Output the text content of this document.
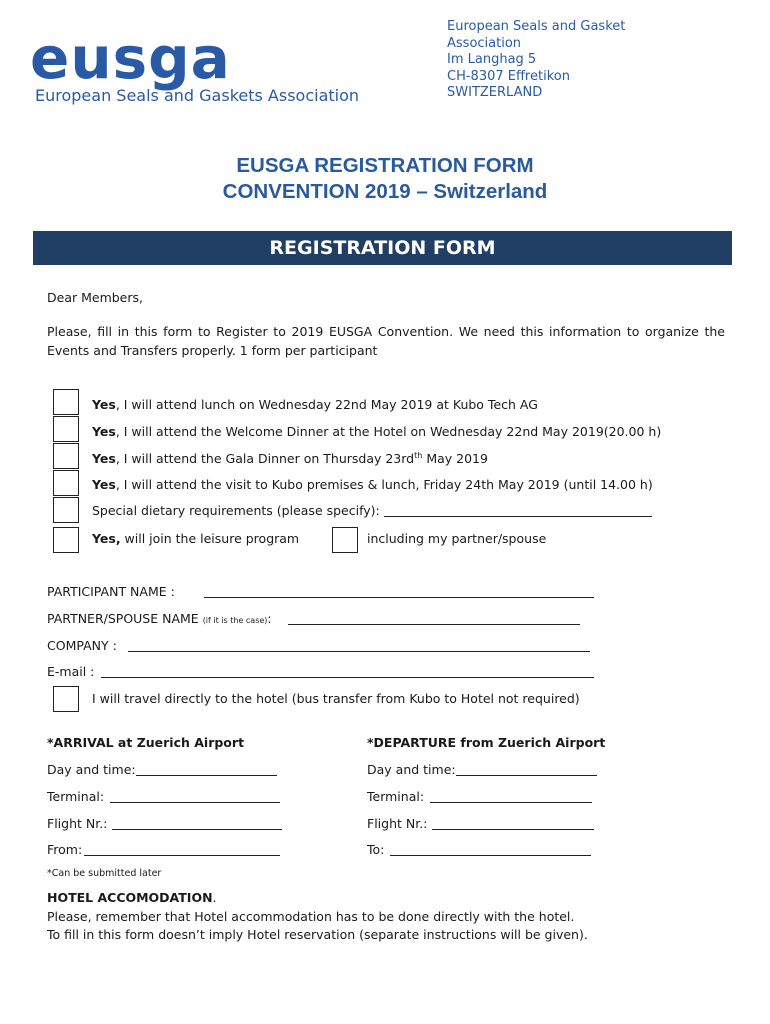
eusga
European Seals and Gaskets Association
European Seals and Gasket
Association
Im Langhag 5
CH-8307 Effretikon
SWITZERLAND
EUSGA REGISTRATION FORM
CONVENTION 2019 – Switzerland
REGISTRATION FORM
Dear Members,
Please, fill in this form to Register to 2019 EUSGA Convention. We need this information to organize the Events and Transfers properly. 1 form per participant
Yes, I will attend lunch on Wednesday 22nd May 2019 at Kubo Tech AG
Yes, I will attend the Welcome Dinner at the Hotel on Wednesday 22nd May 2019(20.00 h)
Yes, I will attend the Gala Dinner on Thursday $23rd^{th}$ May 2019
Yes, I will attend the visit to Kubo premises & lunch, Friday 24th May 2019 (until 14.00 h)
Special dietary requirements (please specify):
Yes, will join the leisure program	including my partner/spouse
PARTICIPANT NAME :
PARTNER/SPOUSE NAME (if it is the case):
COMPANY :
E-mail :
I will travel directly to the hotel (bus transfer from Kubo to Hotel not required)
*ARRIVAL at Zuerich Airport
Day and time:
Terminal:
Flight Nr.:
From:
*DEPARTURE from Zuerich Airport
Day and time:
Terminal:
Flight Nr.:
To:
*Can be submitted later
HOTEL ACCOMODATION.
Please, remember that Hotel accommodation has to be done directly with the hotel.
To fill in this form doesn’t imply Hotel reservation (separate instructions will be given).
